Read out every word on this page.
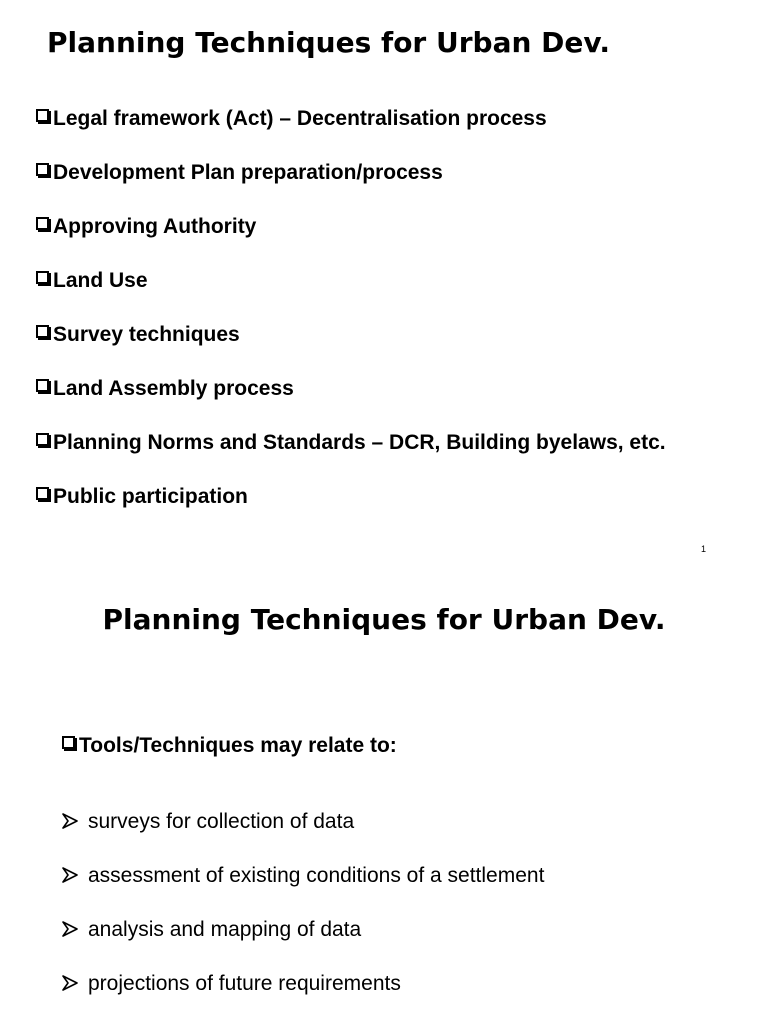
Planning Techniques for Urban Dev.
Legal framework (Act) – Decentralisation process
Development Plan preparation/process
Approving Authority
Land Use
Survey techniques
Land Assembly process
Planning Norms and Standards – DCR, Building byelaws, etc.
Public participation
1
Planning Techniques for Urban Dev.
Tools/Techniques may relate to:
surveys for collection of data
assessment of existing conditions of a settlement
analysis and mapping of data
projections of future requirements
